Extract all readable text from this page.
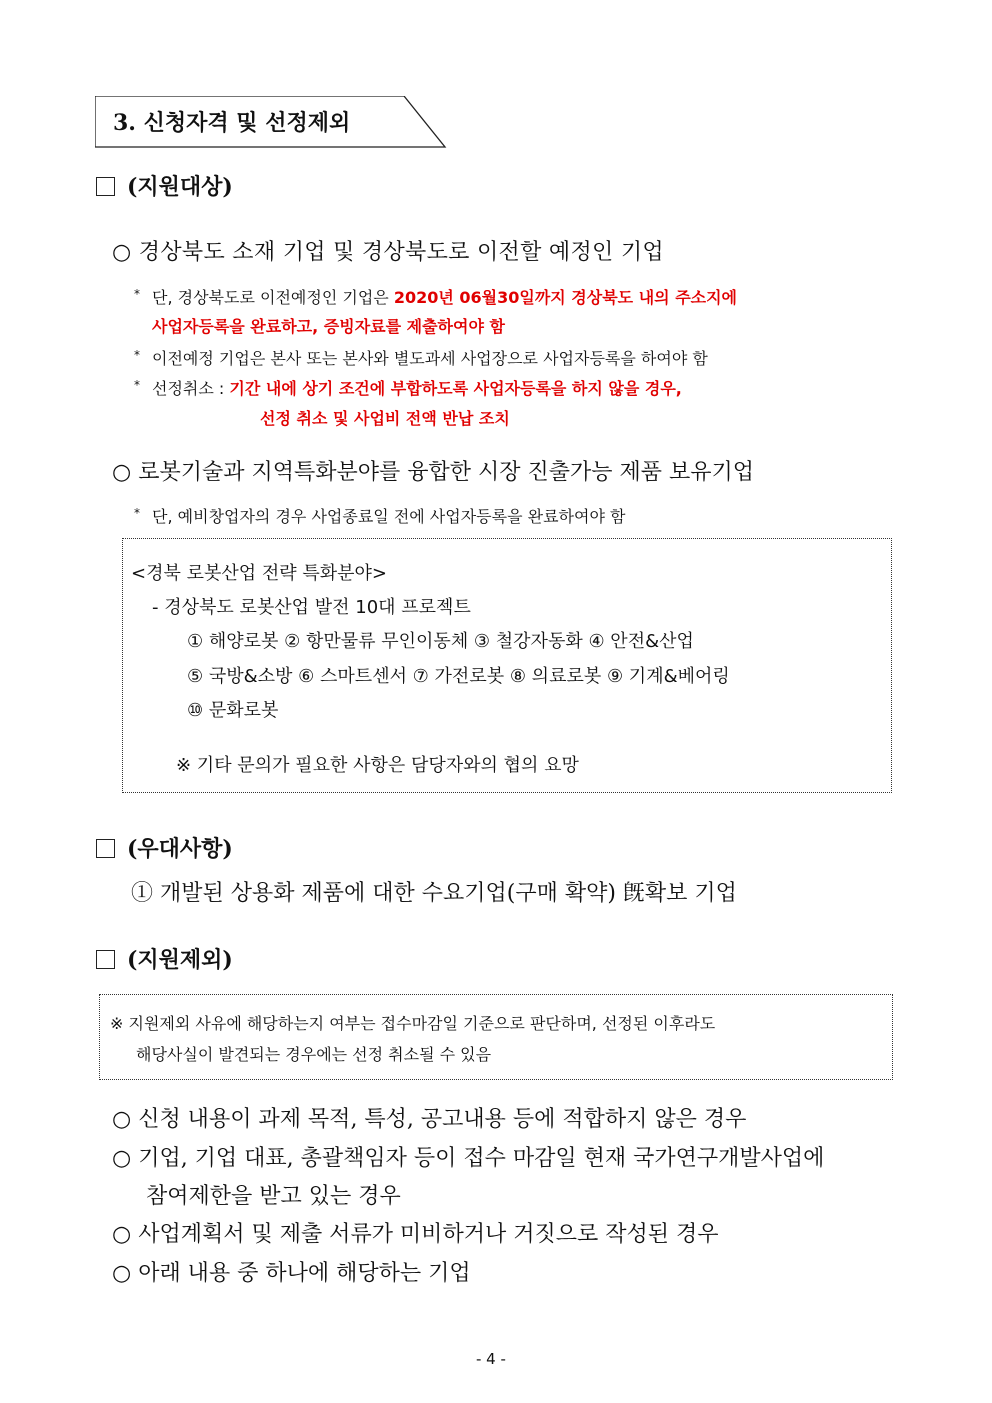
3. 신청자격 및 선정제외
(지원대상)
○ 경상북도 소재 기업 및 경상북도로 이전할 예정인 기업
* 단, 경상북도로 이전예정인 기업은 2020년 06월30일까지 경상북도 내의 주소지에
사업자등록을 완료하고, 증빙자료를 제출하여야 함
* 이전예정 기업은 본사 또는 본사와 별도과세 사업장으로 사업자등록을 하여야 함
* 선정취소 : 기간 내에 상기 조건에 부합하도록 사업자등록을 하지 않을 경우,
선정 취소 및 사업비 전액 반납 조치
○ 로봇기술과 지역특화분야를 융합한 시장 진출가능 제품 보유기업
* 단, 예비창업자의 경우 사업종료일 전에 사업자등록을 완료하여야 함
<경북 로봇산업 전략 특화분야>
- 경상북도 로봇산업 발전 10대 프로젝트
① 해양로봇 ② 항만물류 무인이동체 ③ 철강자동화 ④ 안전&산업
⑤ 국방&소방 ⑥ 스마트센서 ⑦ 가전로봇 ⑧ 의료로봇 ⑨ 기계&베어링
⑩ 문화로봇
※ 기타 문의가 필요한 사항은 담당자와의 협의 요망
(우대사항)
① 개발된 상용화 제품에 대한 수요기업(구매 확약) 旣확보 기업
(지원제외)
※ 지원제외 사유에 해당하는지 여부는 접수마감일 기준으로 판단하며, 선정된 이후라도
해당사실이 발견되는 경우에는 선정 취소될 수 있음
○ 신청 내용이 과제 목적, 특성, 공고내용 등에 적합하지 않은 경우
○ 기업, 기업 대표, 총괄책임자 등이 접수 마감일 현재 국가연구개발사업에
참여제한을 받고 있는 경우
○ 사업계획서 및 제출 서류가 미비하거나 거짓으로 작성된 경우
○ 아래 내용 중 하나에 해당하는 기업
- 4 -
